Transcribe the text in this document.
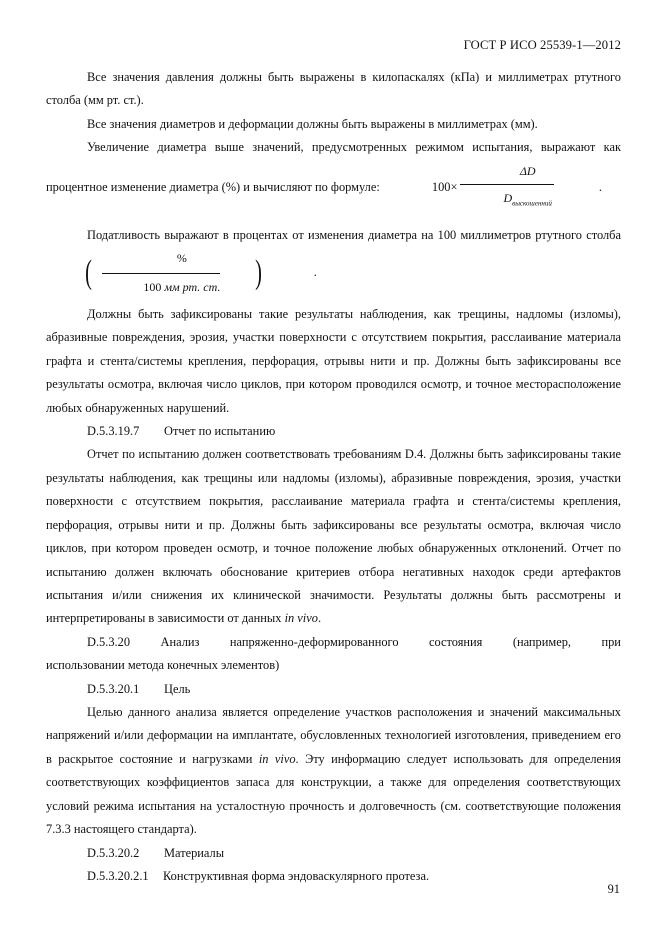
ГОСТ Р ИСО 25539-1—2012

Все значения давления должны быть выражены в килопаскалях (кПа) и миллиметрах ртутного столба (мм рт. ст.).

Все значения диаметров и деформации должны быть выражены в миллиметрах (мм).

Увеличение диаметра выше значений, предусмотренных режимом испытания, выражают как процентное изменение диаметра (%) и вычисляют по формуле:	$100\times \frac{\Delta D}{D_{выскошенний}}$	.

Податливость выражают в процентах от изменения диаметра на 100 миллиметров ртутного столба
(	%
100 мм рт. ст.	)	.

Должны быть зафиксированы такие результаты наблюдения, как трещины, надломы (изломы), абразивные повреждения, эрозия, участки поверхности с отсутствием покрытия, расслаивание материала графта и стента/системы крепления, перфорация, отрывы нити и пр. Должны быть зафиксированы все результаты осмотра, включая число циклов, при котором проводился осмотр, и точное месторасположение любых обнаруженных нарушений.

D.5.3.19.7	Отчет по испытанию

Отчет по испытанию должен соответствовать требованиям D.4. Должны быть зафиксированы такие результаты наблюдения, как трещины или надломы (изломы), абразивные повреждения, эрозия, участки поверхности с отсутствием покрытия, расслаивание материала графта и стента/системы крепления, перфорация, отрывы нити и пр. Должны быть зафиксированы все результаты осмотра, включая число циклов, при котором проведен осмотр, и точное положение любых обнаруженных отклонений. Отчет по испытанию должен включать обоснование критериев отбора негативных находок среди артефактов испытания и/или снижения их клинической значимости. Результаты должны быть рассмотрены и интерпретированы в зависимости от данных in vivo.

D.5.3.20 Анализ напряженно-деформированного состояния (например, при
использовании метода конечных элементов)
D.5.3.20.1	Цель

Целью данного анализа является определение участков расположения и значений максимальных напряжений и/или деформации на имплантате, обусловленных технологией изготовления, приведением его в раскрытое состояние и нагрузками in vivo. Эту информацию следует использовать для определения соответствующих коэффициентов запаса для конструкции, а также для определения соответствующих условий режима испытания на усталостную прочность и долговечность (см. соответствующие положения 7.3.3 настоящего стандарта).

D.5.3.20.2	Материалы
D.5.3.20.2.1	Конструктивная форма эндоваскулярного протеза.
91
